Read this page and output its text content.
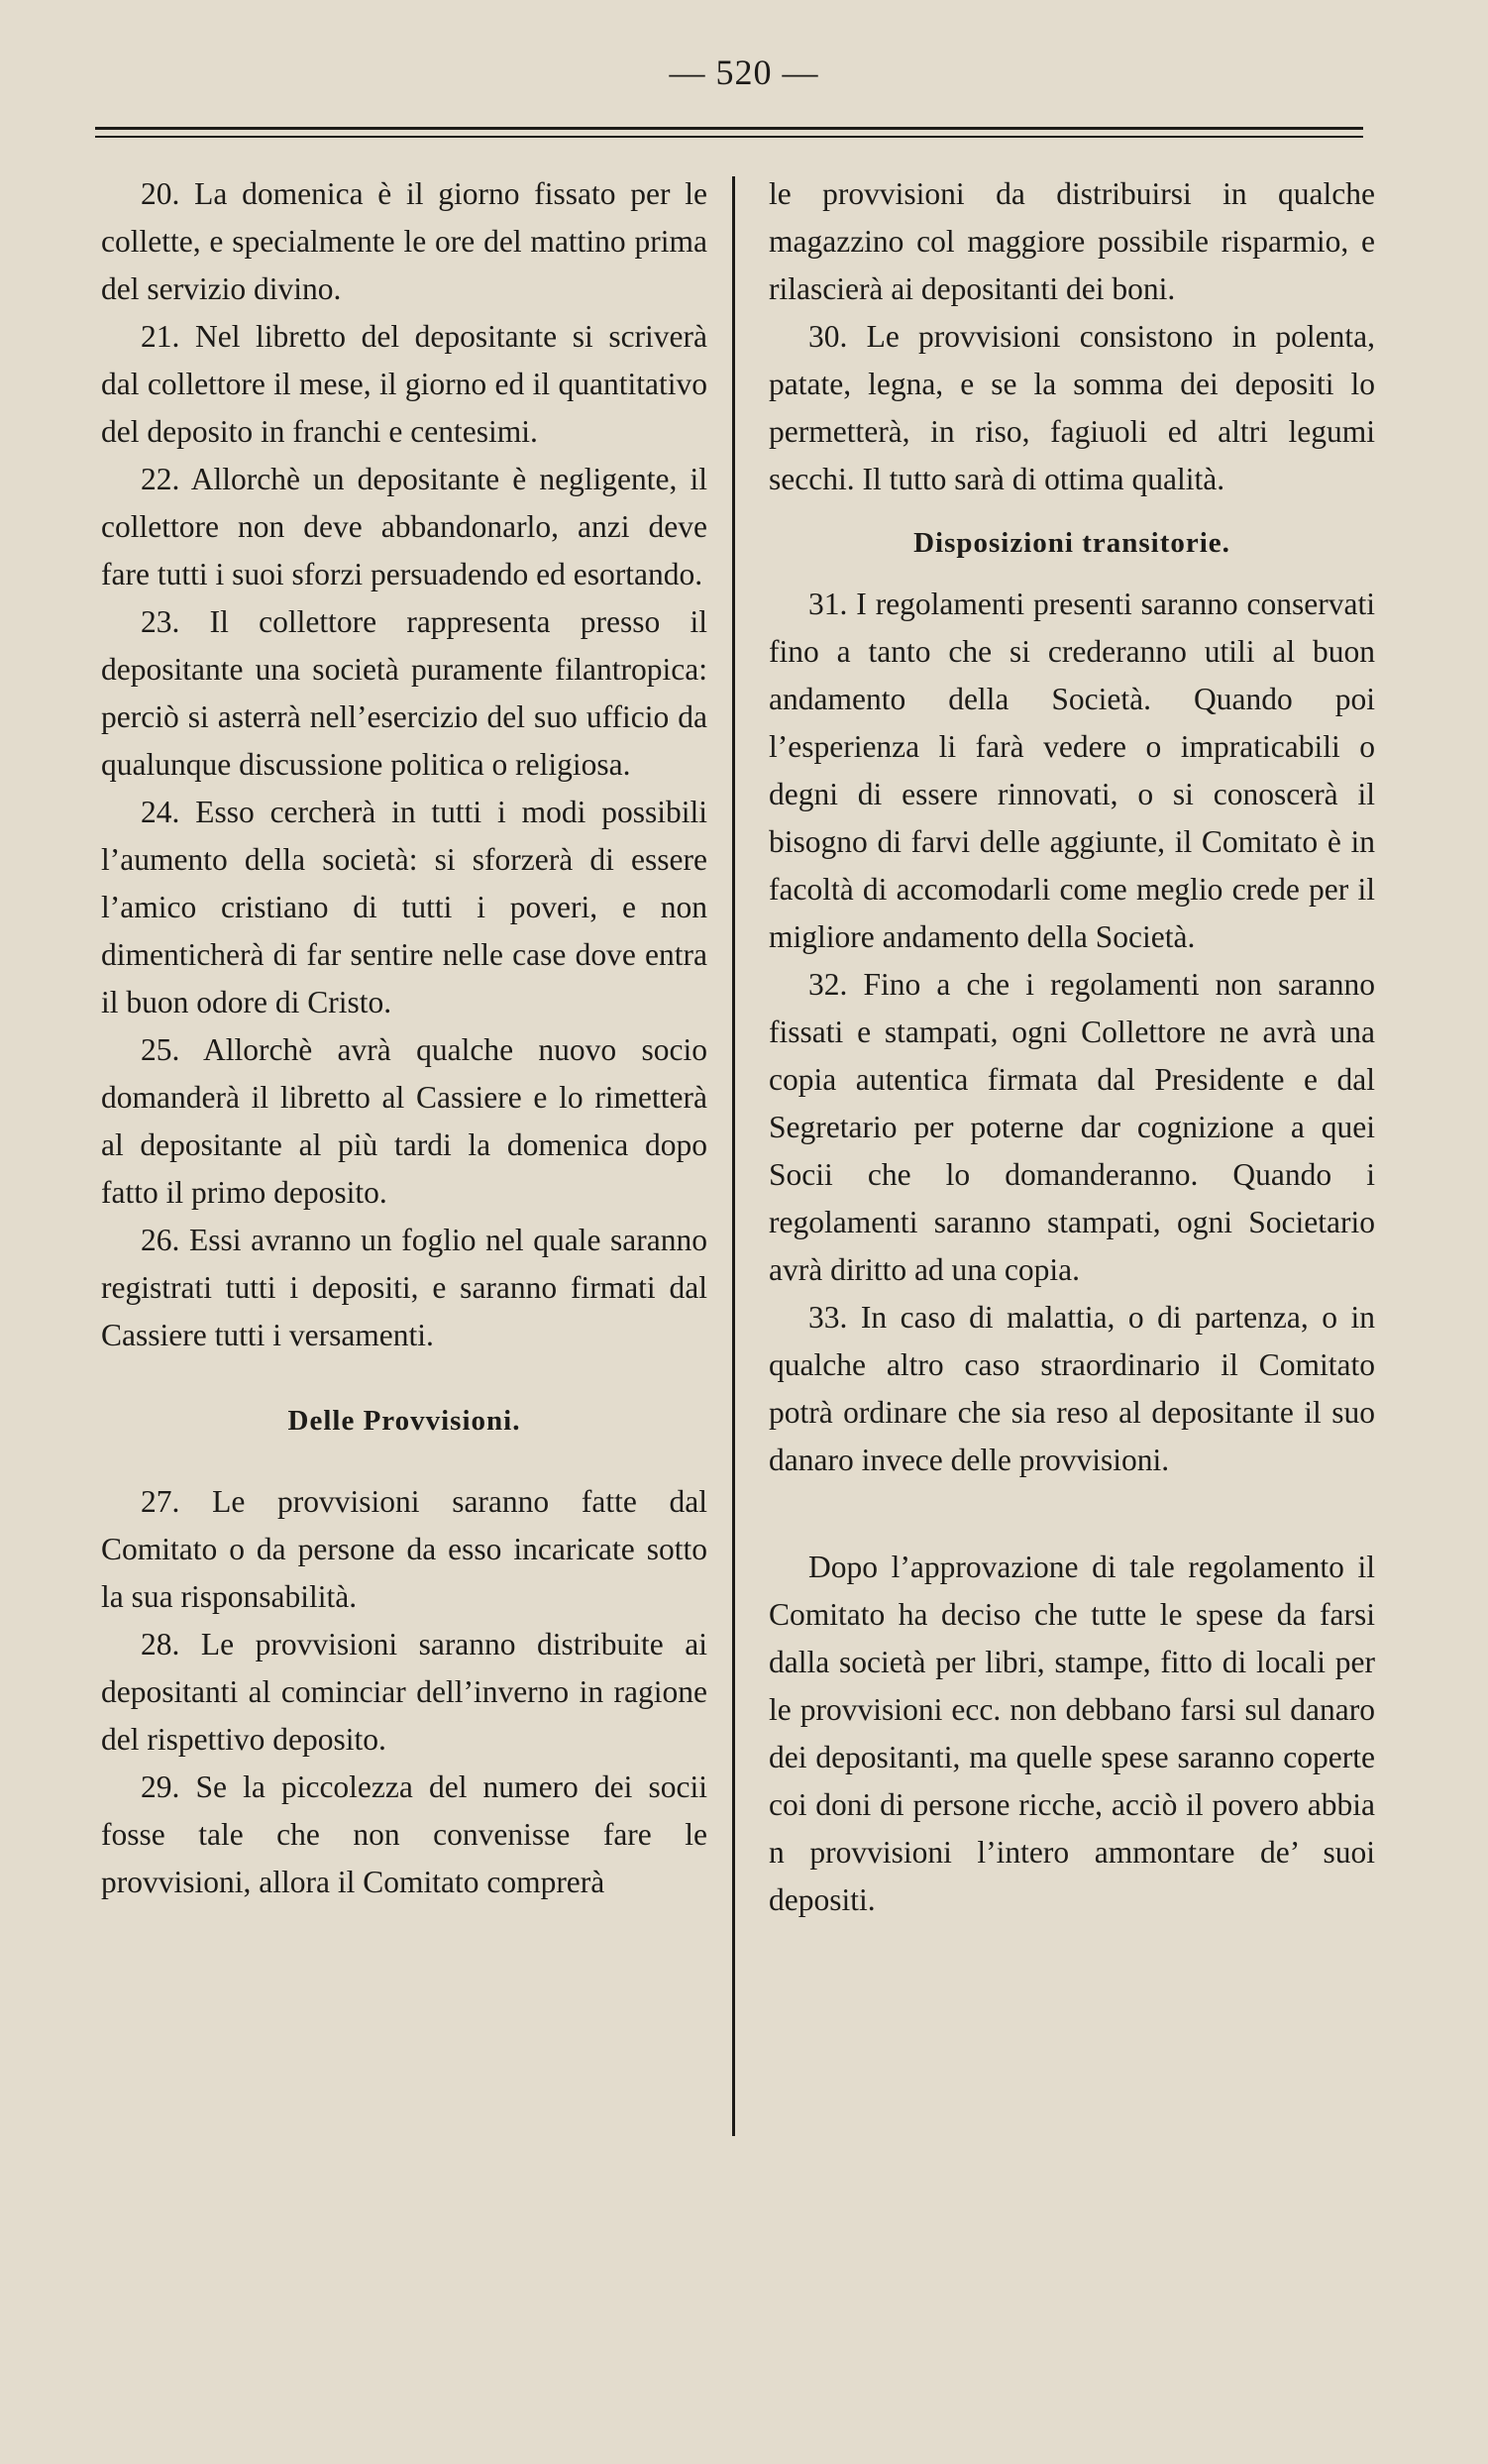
— 520 —

20. La domenica è il giorno fissato per le collette, e specialmente le ore del mattino prima del servizio divino.

21. Nel libretto del depositante si scriverà dal collettore il mese, il giorno ed il quantitativo del deposito in franchi e centesimi.

22. Allorchè un depositante è negligente, il collettore non deve abbandonarlo, anzi deve fare tutti i suoi sforzi persuadendo ed esortando.

23. Il collettore rappresenta presso il depositante una società puramente filantropica: perciò si asterrà nell’esercizio del suo ufficio da qualunque discussione politica o religiosa.

24. Esso cercherà in tutti i modi possibili l’aumento della società: si sforzerà di essere l’amico cristiano di tutti i poveri, e non dimenticherà di far sentire nelle case dove entra il buon odore di Cristo.

25. Allorchè avrà qualche nuovo socio domanderà il libretto al Cassiere e lo rimetterà al depositante al più tardi la domenica dopo fatto il primo deposito.

26. Essi avranno un foglio nel quale saranno registrati tutti i depositi, e saranno firmati dal Cassiere tutti i versamenti.

Delle Provvisioni.

27. Le provvisioni saranno fatte dal Comitato o da persone da esso incaricate sotto la sua risponsabilità.

28. Le provvisioni saranno distribuite ai depositanti al cominciar dell’inverno in ragione del rispettivo deposito.

29. Se la piccolezza del numero dei socii fosse tale che non convenisse fare le provvisioni, allora il Comitato comprerà

le provvisioni da distribuirsi in qualche magazzino col maggiore possibile risparmio, e rilascierà ai depositanti dei boni.

30. Le provvisioni consistono in polenta, patate, legna, e se la somma dei depositi lo permetterà, in riso, fagiuoli ed altri legumi secchi. Il tutto sarà di ottima qualità.

Disposizioni transitorie.

31. I regolamenti presenti saranno conservati fino a tanto che si crederanno utili al buon andamento della Società. Quando poi l’esperienza li farà vedere o impraticabili o degni di essere rinnovati, o si conoscerà il bisogno di farvi delle aggiunte, il Comitato è in facoltà di accomodarli come meglio crede per il migliore andamento della Società.

32. Fino a che i regolamenti non saranno fissati e stampati, ogni Collettore ne avrà una copia autentica firmata dal Presidente e dal Segretario per poterne dar cognizione a quei Socii che lo domanderanno. Quando i regolamenti saranno stampati, ogni Societario avrà diritto ad una copia.

33. In caso di malattia, o di partenza, o in qualche altro caso straordinario il Comitato potrà ordinare che sia reso al depositante il suo danaro invece delle provvisioni.

Dopo l’approvazione di tale regolamento il Comitato ha deciso che tutte le spese da farsi dalla società per libri, stampe, fitto di locali per le provvisioni ecc. non debbano farsi sul danaro dei depositanti, ma quelle spese saranno coperte coi doni di persone ricche, acciò il povero abbia n provvisioni l’intero ammontare de’ suoi depositi.
